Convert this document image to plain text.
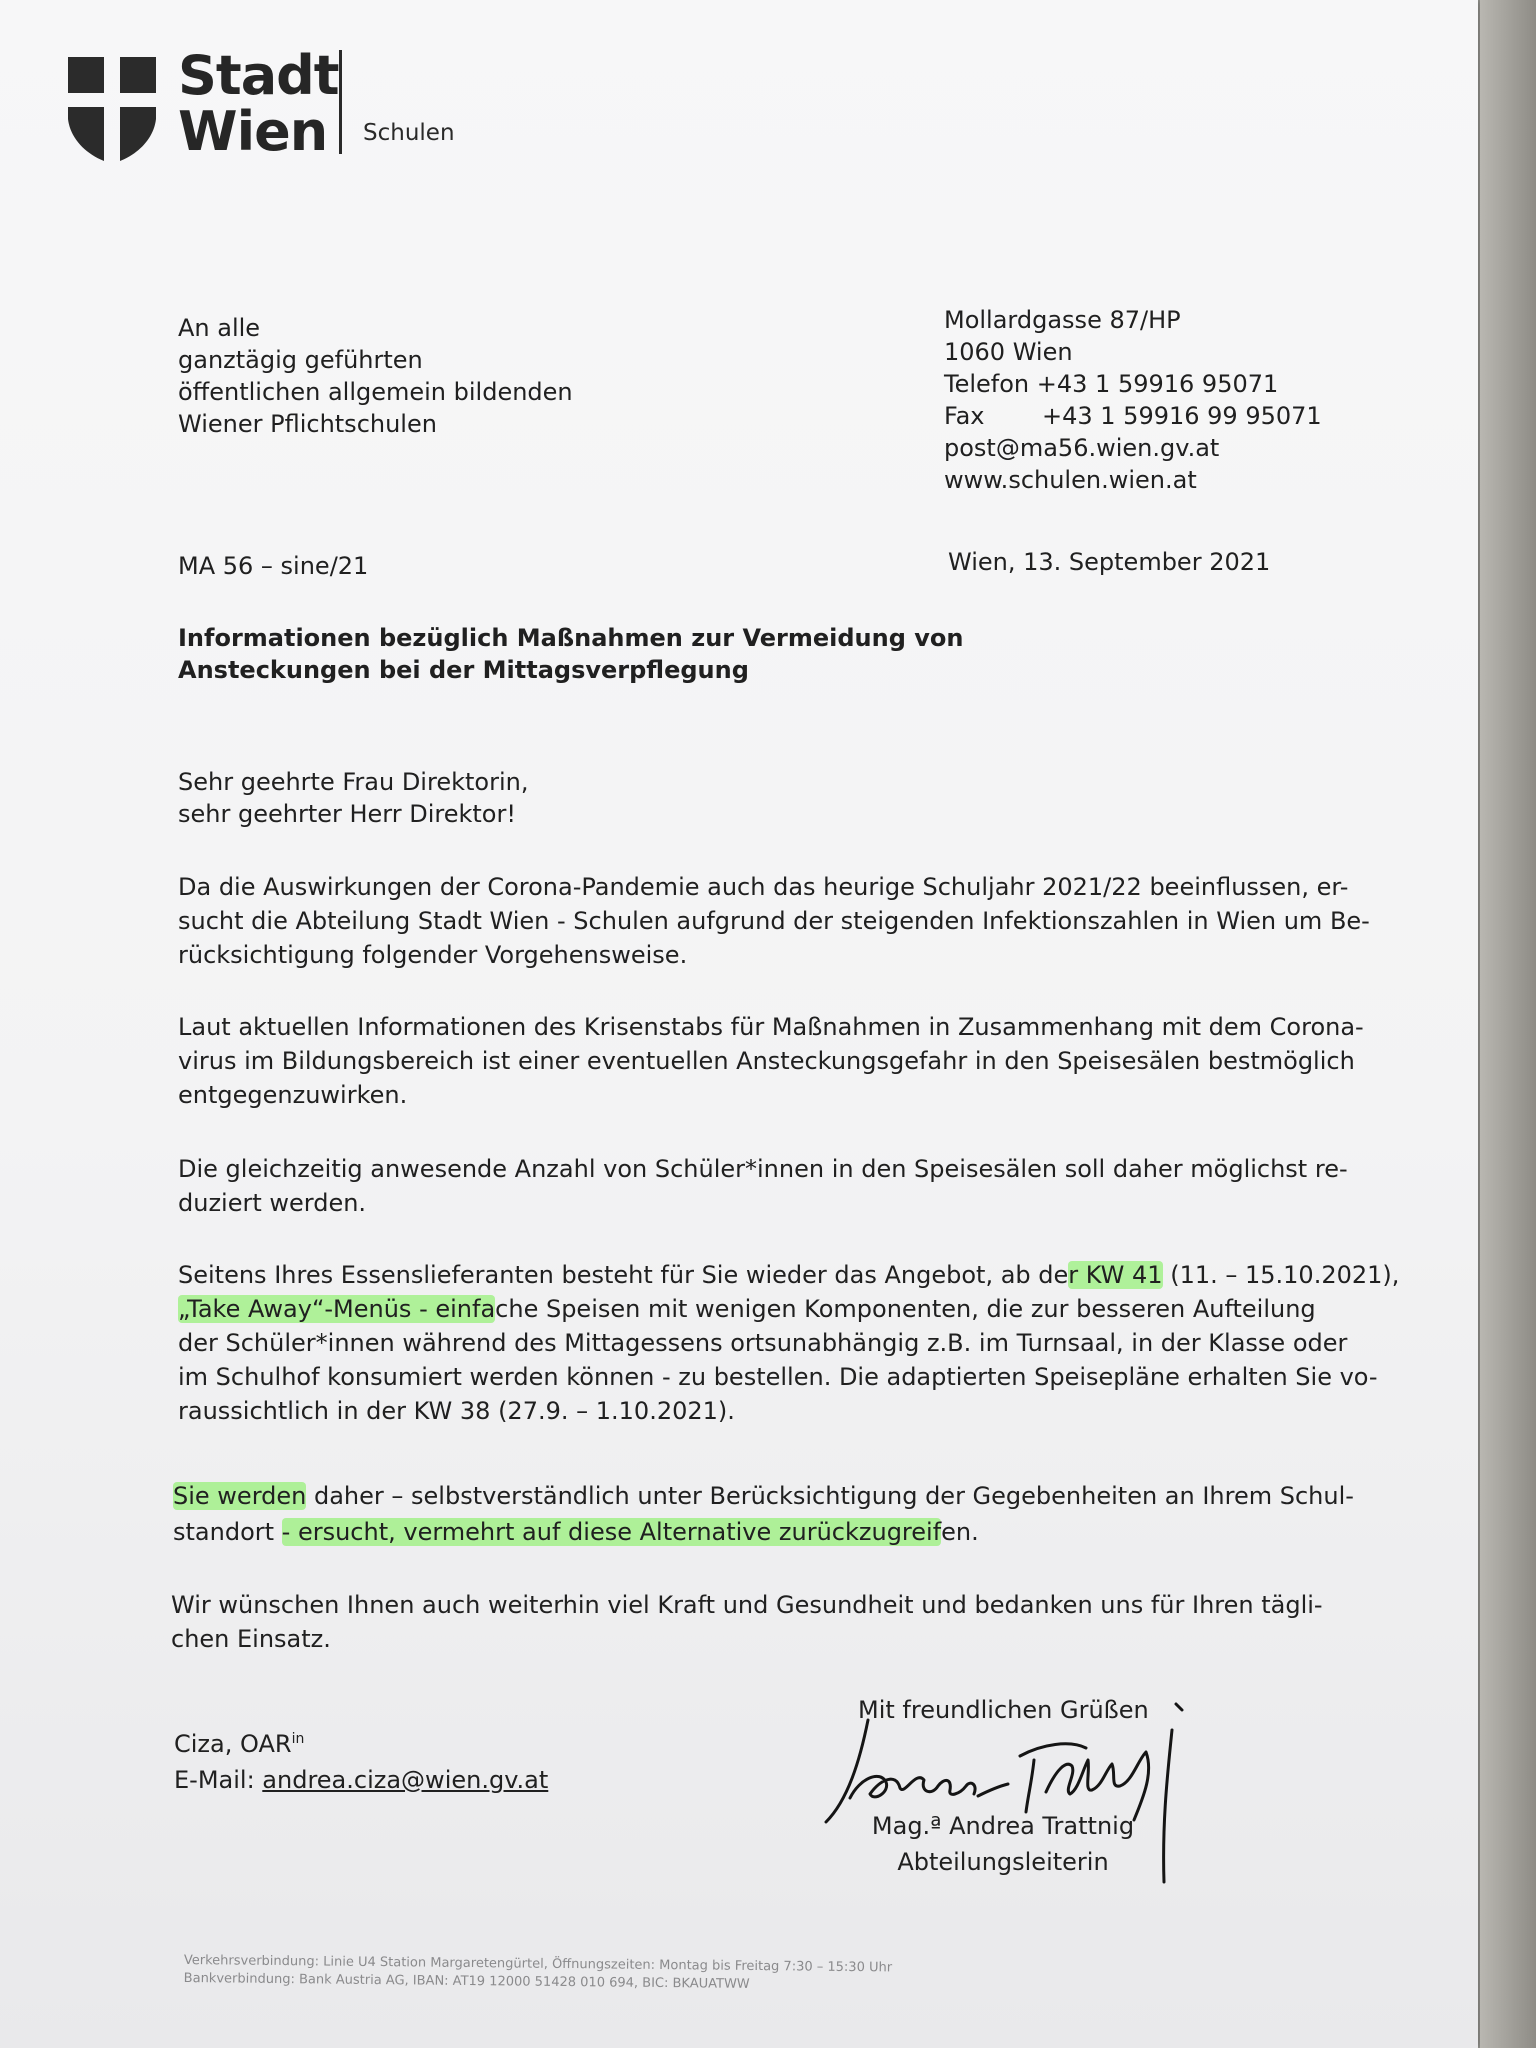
Stadt
Wien	Schulen
An alle
ganztägig geführten
öffentlichen allgemein bildenden
Wiener Pflichtschulen
Mollardgasse 87/HP
1060 Wien
Telefon +43 1 59916 95071
Fax +43 1 59916 99 95071
post@ma56.wien.gv.at
www.schulen.wien.at
MA 56 – sine/21	Wien, 13. September 2021
Informationen bezüglich Maßnahmen zur Vermeidung von
Ansteckungen bei der Mittagsverpflegung
Sehr geehrte Frau Direktorin,
sehr geehrter Herr Direktor!
Da die Auswirkungen der Corona-Pandemie auch das heurige Schuljahr 2021/22 beeinflussen, er-
sucht die Abteilung Stadt Wien - Schulen aufgrund der steigenden Infektionszahlen in Wien um Be-
rücksichtigung folgender Vorgehensweise.
Laut aktuellen Informationen des Krisenstabs für Maßnahmen in Zusammenhang mit dem Corona-
virus im Bildungsbereich ist einer eventuellen Ansteckungsgefahr in den Speisesälen bestmöglich
entgegenzuwirken.
Die gleichzeitig anwesende Anzahl von Schüler*innen in den Speisesälen soll daher möglichst re-
duziert werden.
Seitens Ihres Essenslieferanten besteht für Sie wieder das Angebot, ab der KW 41 (11. – 15.10.2021),
„Take Away“-Menüs - einfache Speisen mit wenigen Komponenten, die zur besseren Aufteilung
der Schüler*innen während des Mittagessens ortsunabhängig z.B. im Turnsaal, in der Klasse oder
im Schulhof konsumiert werden können - zu bestellen. Die adaptierten Speisepläne erhalten Sie vo-
raussichtlich in der KW 38 (27.9. – 1.10.2021).
Sie werden daher – selbstverständlich unter Berücksichtigung der Gegebenheiten an Ihrem Schul-
standort - ersucht, vermehrt auf diese Alternative zurückzugreifen.
Wir wünschen Ihnen auch weiterhin viel Kraft und Gesundheit und bedanken uns für Ihren tägli-
chen Einsatz.
Ciza, $OAR^{in}$
E-Mail: andrea.ciza@wien.gv.at
Mit freundlichen Grüßen
Mag.ª Andrea Trattnig
Abteilungsleiterin
Verkehrsverbindung: Linie U4 Station Margaretengürtel, Öffnungszeiten: Montag bis Freitag 7:30 – 15:30 Uhr
Bankverbindung: Bank Austria AG, IBAN: AT19 12000 51428 010 694, BIC: BKAUATWW
